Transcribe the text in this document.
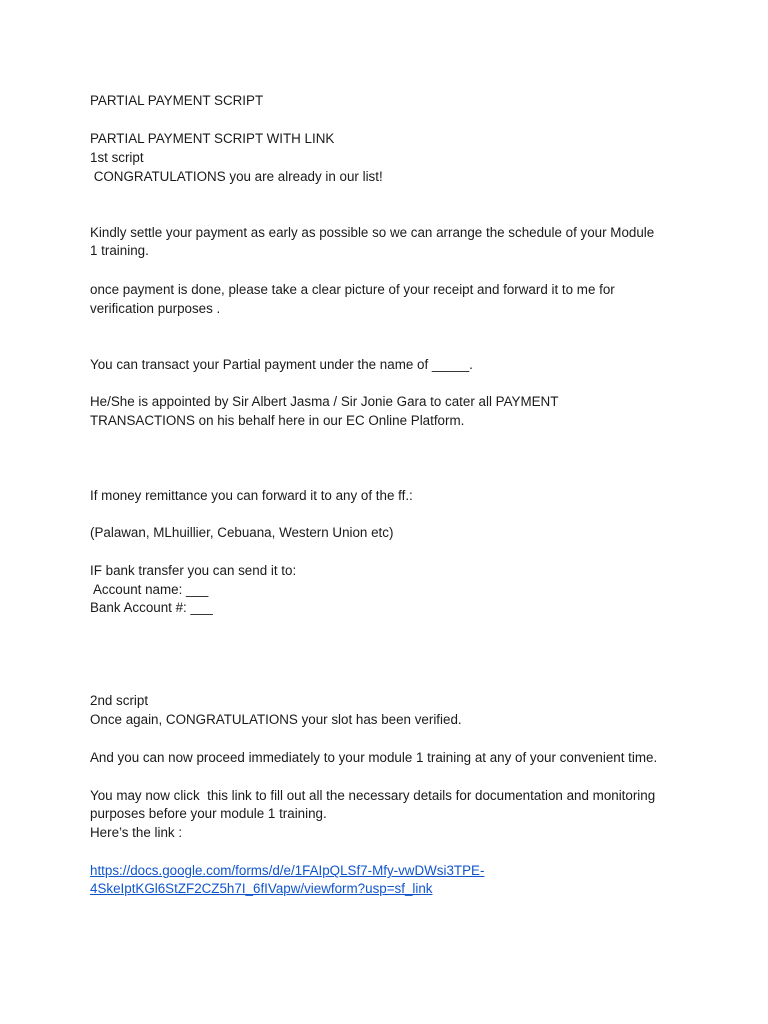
PARTIAL PAYMENT SCRIPT
PARTIAL PAYMENT SCRIPT WITH LINK
1st script
CONGRATULATIONS you are already in our list!
Kindly settle your payment as early as possible so we can arrange the schedule of your Module
1 training.
once payment is done, please take a clear picture of your receipt and forward it to me for
verification purposes .
You can transact your Partial payment under the name of _____.
He/She is appointed by Sir Albert Jasma / Sir Jonie Gara to cater all PAYMENT
TRANSACTIONS on his behalf here in our EC Online Platform.
If money remittance you can forward it to any of the ff.:
(Palawan, MLhuillier, Cebuana, Western Union etc)
IF bank transfer you can send it to:
Account name: ___
Bank Account #: ___
2nd script
Once again, CONGRATULATIONS your slot has been verified.
And you can now proceed immediately to your module 1 training at any of your convenient time.
You may now click  this link to fill out all the necessary details for documentation and monitoring
purposes before your module 1 training.
Here’s the link :
https://docs.google.com/forms/d/e/1FAIpQLSf7-Mfy-vwDWsi3TPE-
4SkeIptKGl6StZF2CZ5h7I_6fIVapw/viewform?usp=sf_link
